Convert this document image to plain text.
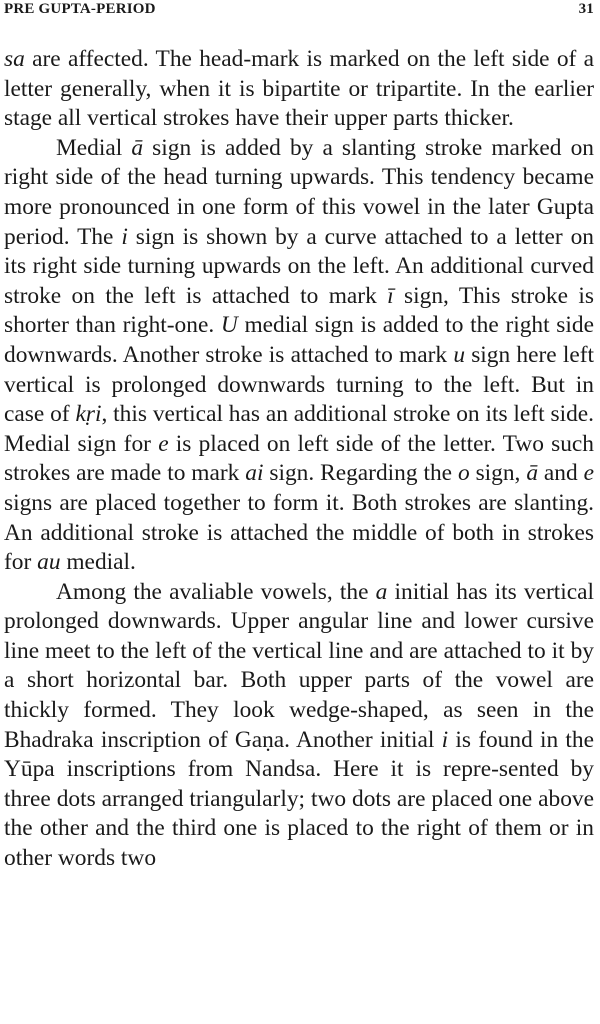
PRE GUPTA-PERIOD	31

sa are affected. The head-mark is marked on the left side of a letter generally, when it is bipartite or tripartite. In the earlier stage all vertical strokes have their upper parts thicker.

Medial ā sign is added by a slanting stroke marked on right side of the head turning upwards. This tendency became more pronounced in one form of this vowel in the later Gupta period. The i sign is shown by a curve attached to a letter on its right side turning upwards on the left. An additional curved stroke on the left is attached to mark ī sign, This stroke is shorter than right-one. U medial sign is added to the right side downwards. Another stroke is attached to mark u sign here left vertical is prolonged downwards turning to the left. But in case of kṛi, this vertical has an additional stroke on its left side. Medial sign for e is placed on left side of the letter. Two such strokes are made to mark ai sign. Regarding the o sign, ā and e signs are placed together to form it. Both strokes are slanting. An additional stroke is attached the middle of both in strokes for au medial.

Among the avaliable vowels, the a initial has its vertical prolonged downwards. Upper angular line and lower cursive line meet to the left of the vertical line and are attached to it by a short horizontal bar. Both upper parts of the vowel are thickly formed. They look wedge-shaped, as seen in the Bhadraka inscription of Gaṇa. Another initial i is found in the Yūpa inscriptions from Nandsa. Here it is repre-sented by three dots arranged triangularly; two dots are placed one above the other and the third one is placed to the right of them or in other words two
